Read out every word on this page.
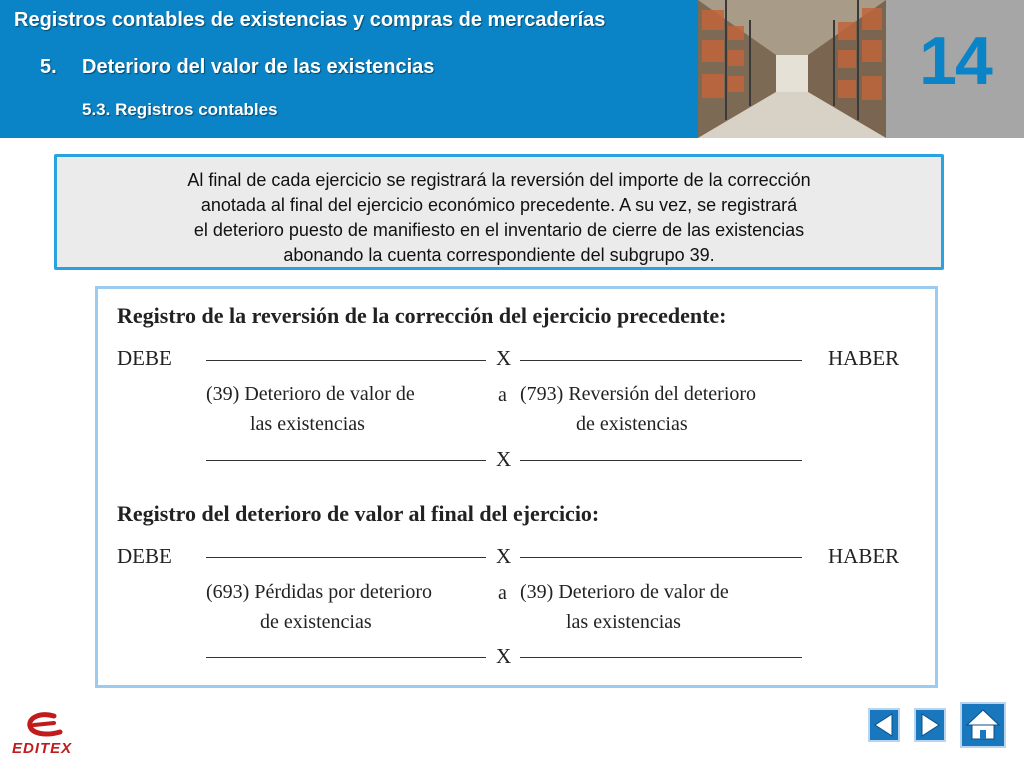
Registros contables de existencias y compras de mercaderías
5. Deterioro del valor de las existencias
5.3. Registros contables
14

Al final de cada ejercicio se registrará la reversión del importe de la corrección
anotada al final del ejercicio económico precedente. A su vez, se registrará
el deterioro puesto de manifiesto en el inventario de cierre de las existencias
abonando la cuenta correspondiente del subgrupo 39.

Registro de la reversión de la corrección del ejercicio precedente:
DEBE	X	HABER
(39) Deterioro de valor de
las existencias
a (793) Reversión del deterioro
de existencias
X
Registro del deterioro de valor al final del ejercicio:
DEBE	X	HABER
(693) Pérdidas por deterioro
de existencias
a (39) Deterioro de valor de
las existencias
X
EDITEX
